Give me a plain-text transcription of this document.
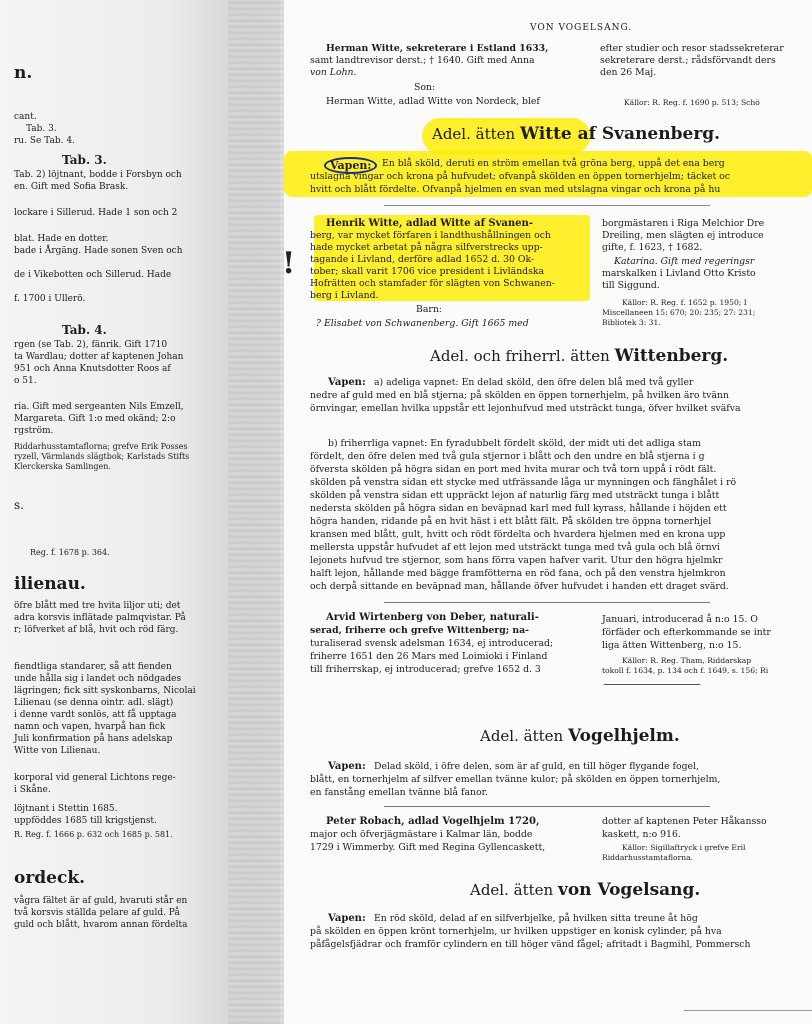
n.
cant.
Tab. 3.
ru. Se Tab. 4.
Tab. 3.
Tab. 2) löjtnant, bodde i Forsbyn och
en. Gift med Sofia Brask.
lockare i Sillerud. Hade 1 son och 2
blat. Hade en dotter.
bade i Årgäng. Hade sonen Sven och
de i Vikebotten och Sillerud. Hade
f. 1700 i Ullerö.
Tab. 4.
rgen (se Tab. 2), fänrik. Gift 1710
ta Wardlau; dotter af kaptenen Johan
951 och Anna Knutsdotter Roos af
o 51.
ria. Gift med sergeanten Nils Emzell,
Margareta. Gift 1:o med okänd; 2:o
rgström.
Riddarhusstamtaflorna; grefve Erik Posses
ryzell, Värmlands slägtbok; Karlstads Stifts
Klerckerska Samlingen.
s.
Reg. f. 1678 p. 364.
ilienau.
öfre blått med tre hvita liljor uti; det
adra korsvis inflätade palmqvistar. På
r; löfverket af blå, hvit och röd färg.
fiendtliga standarer, så att fienden
unde hålla sig i landet och nödgades
lägringen; fick sitt syskonbarns, Nicolai
Lilienau (se denna ointr. adl. slägt)
i denne vardt sonlös, att få upptaga
namn och vapen, hvarpå han fick
Juli konfirmation på hans adelskap
Witte von Lilienau.
korporal vid general Lichtons rege-
i Skåne.
löjtnant i Stettin 1685.
uppföddes 1685 till krigstjenst.
R. Reg. f. 1666 p. 632 och 1685 p. 581.
ordeck.
vågra fältet är af guld, hvaruti står en
två korsvis ställda pelare af guld. På
guld och blått, hvarom annan fördelta
VON VOGELSANG.
Herman Witte, sekreterare i Estland 1633,
samt landtrevisor derst.; † 1640. Gift med Anna
von Lohn.
Son:
Herman Witte, adlad Witte von Nordeck, blef
efter studier och resor stadssekreterar
sekreterare derst.; rådsförvandt ders
den 26 Maj.
Källor: R. Reg. f. 1690 p. 513; Schö
Adel. ätten Witte af Svanenberg.
Vapen:	En blå sköld, deruti en ström emellan två gröna berg, uppå det ena berg
utslagna vingar och krona på hufvudet; ofvanpå skölden en öppen tornerhjelm; täcket oc
hvitt och blått fördelte. Ofvanpå hjelmen en svan med utslagna vingar och krona på hu
!
Henrik Witte, adlad Witte af Svanen-
berg, var mycket förfaren i landthushållningen och
hade mycket arbetat på några silfverstrecks upp-
tagande i Livland, derföre adlad 1652 d. 30 Ok-
tober; skall varit 1706 vice president i Livländska
Hofrätten och stamfader för slägten von Schwanen-
berg i Livland.
Barn:
? Elisabet von Schwanenberg. Gift 1665 med
borgmästaren i Riga Melchior Dre
Dreiling, men slägten ej introduce
gifte, f. 1623, † 1682.
Katarina. Gift med regeringsr
marskalken i Livland Otto Kristo
till Siggund.
Källor: R. Reg. f. 1652 p. 1950; I
Miscellaneen 15: 670; 20: 235; 27: 231;
Bibliotek 3: 31.
Adel. och friherrl. ätten Wittenberg.
Vapen: a) adeliga vapnet: En delad sköld, den öfre delen blå med två gyller
nedre af guld med en blå stjerna; på skölden en öppen tornerhjelm, på hvilken äro tvänn
örnvingar, emellan hvilka uppstår ett lejonhufvud med utsträckt tunga, öfver hvilket sväfva
b) friherrliga vapnet: En fyradubbelt fördelt sköld, der midt uti det adliga stam
fördelt, den öfre delen med två gula stjernor i blått och den undre en blå stjerna i g
öfversta skölden på högra sidan en port med hvita murar och två torn uppå i rödt fält.
skölden på venstra sidan ett stycke med utfrässande låga ur mynningen och fänghålet i rö
skölden på venstra sidan ett uppräckt lejon af naturlig färg med utsträckt tunga i blått
nedersta skölden på högra sidan en beväpnad karl med full kyrass, hållande i höjden ett
högra handen, ridande på en hvit häst i ett blått fält. På skölden tre öppna tornerhjel
kransen med blått, gult, hvitt och rödt fördelta och hvardera hjelmen med en krona upp
mellersta uppstår hufvudet af ett lejon med utsträckt tunga med två gula och blå örnvi
lejonets hufvud tre stjernor, som hans förra vapen hafver varit. Utur den högra hjelmkr
halft lejon, hållande med bägge framfötterna en röd fana, och på den venstra hjelmkron
och derpå sittande en beväpnad man, hållande öfver hufvudet i handen ett draget svärd.
Arvid Wirtenberg von Deber, naturali-
serad, friherre och grefve Wittenberg; na-
turaliserad svensk adelsman 1634, ej introducerad;
friherre 1651 den 26 Mars med Loimioki i Finland
till friherrskap, ej introducerad; grefve 1652 d. 3
Januari, introducerad å n:o 15. O
förfäder och efterkommande se intr
liga ätten Wittenberg, n:o 15.
Källor: R. Reg. Tham, Riddarskap
tokoll f. 1634, p. 134 och f. 1649, s. 156; Ri
Adel. ätten Vogelhjelm.
Vapen: Delad sköld, i öfre delen, som är af guld, en till höger flygande fogel,
blått, en tornerhjelm af silfver emellan tvänne kulor; på skölden en öppen tornerhjelm,
en fanstång emellan tvänne blå fanor.
Peter Robach, adlad Vogelhjelm 1720,
major och öfverjägmästare i Kalmar län, bodde
1729 i Wimmerby. Gift med Regina Gyllencaskett,
dotter af kaptenen Peter Håkansso
kaskett, n:o 916.
Källor: Sigillaftryck i grefve Eril
Riddarhusstamtaflorna.
Adel. ätten von Vogelsang.
Vapen: En röd sköld, delad af en silfverbjelke, på hvilken sitta treune åt hög
på skölden en öppen krönt tornerhjelm, ur hvilken uppstiger en konisk cylinder, på hva
påfågelsfjädrar och framför cylindern en till höger vänd fågel; afritadt i Bagmihl, Pommersch
